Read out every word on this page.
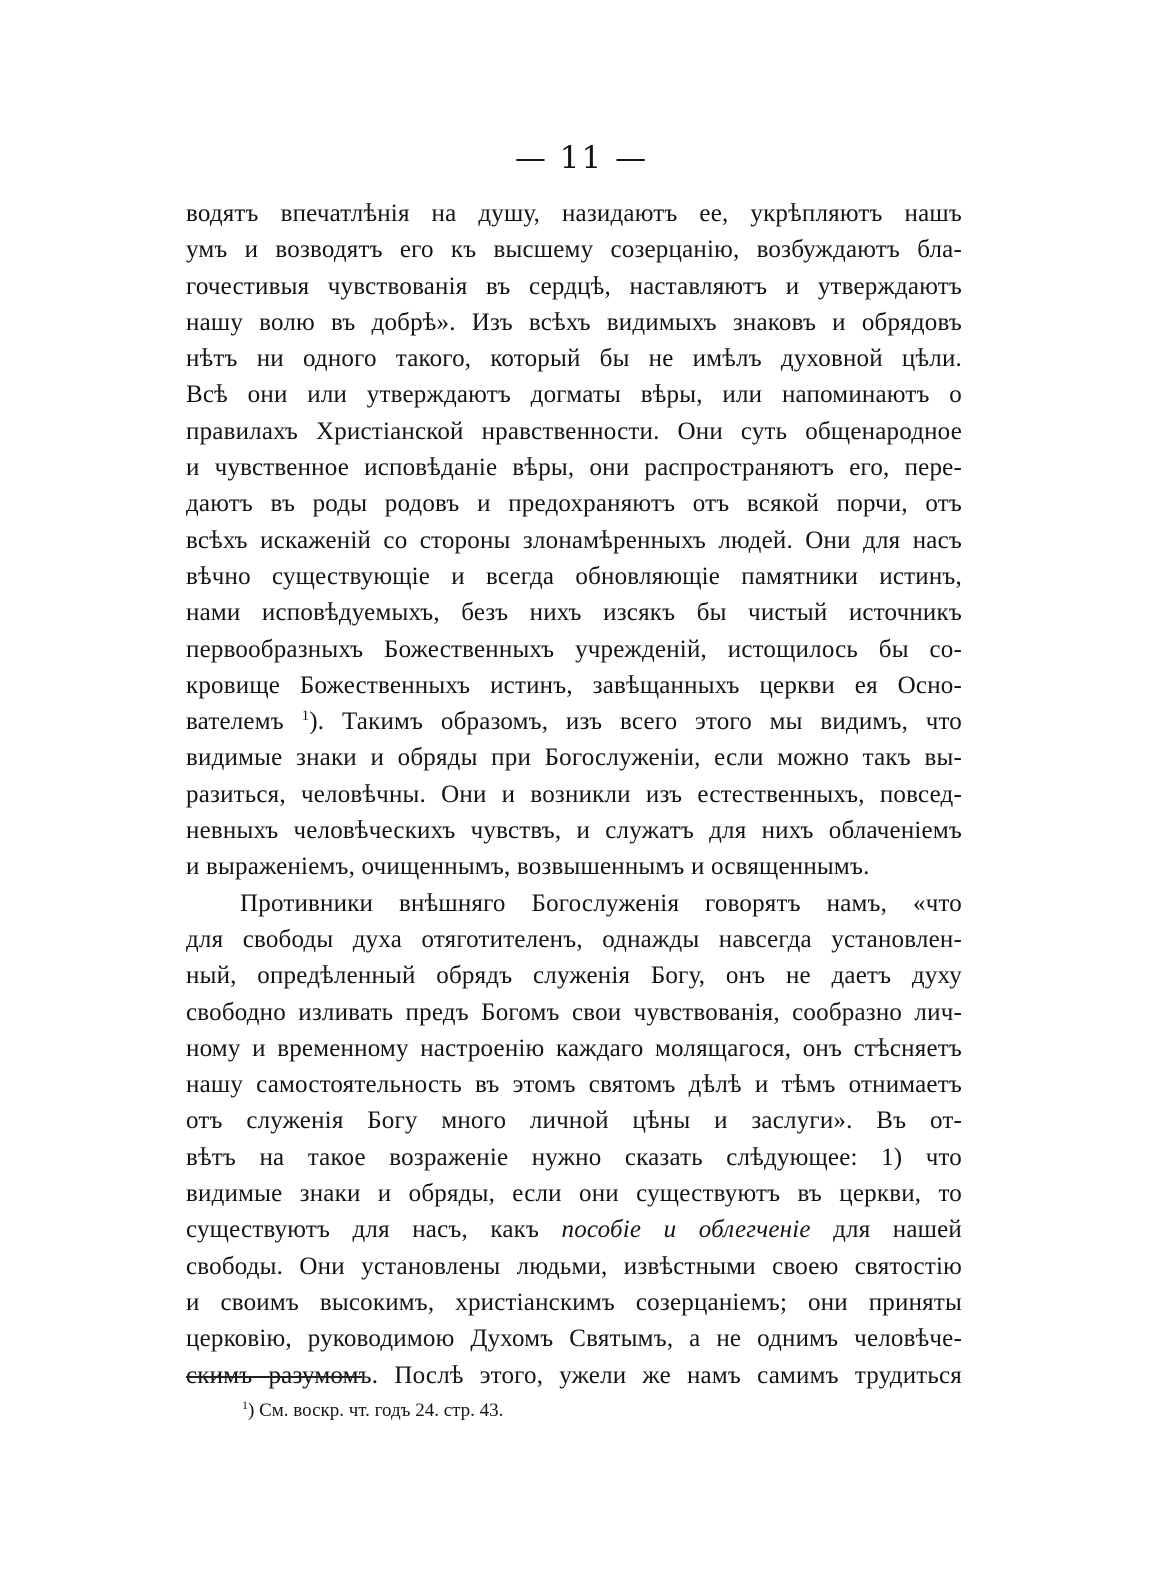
— 11 —
водятъ впечатлѣнія на душу, назидаютъ ее, укрѣпляютъ нашъ
умъ и возводятъ его къ высшему созерцанію, возбуждаютъ бла-
гочестивыя чувствованія въ сердцѣ, наставляютъ и утверждаютъ
нашу волю въ добрѣ». Изъ всѣхъ видимыхъ знаковъ и обрядовъ
нѣтъ ни одного такого, который бы не имѣлъ духовной цѣли.
Всѣ они или утверждаютъ догматы вѣры, или напоминаютъ о
правилахъ Христіанской нравственности. Они суть общенародное
и чувственное исповѣданіе вѣры, они распространяютъ его, пере-
даютъ въ роды родовъ и предохраняютъ отъ всякой порчи, отъ
всѣхъ искаженій со стороны злонамѣренныхъ людей. Они для насъ
вѣчно существующіе и всегда обновляющіе памятники истинъ,
нами исповѣдуемыхъ, безъ нихъ изсякъ бы чистый источникъ
первообразныхъ Божественныхъ учрежденій, истощилось бы со-
кровище Божественныхъ истинъ, завѣщанныхъ церкви ея Осно-
вателемъ $^1$). Такимъ образомъ, изъ всего этого мы видимъ, что
видимые знаки и обряды при Богослуженіи, если можно такъ вы-
разиться, человѣчны. Они и возникли изъ естественныхъ, повсед-
невныхъ человѣческихъ чувствъ, и служатъ для нихъ облаченіемъ
и выраженіемъ, очищеннымъ, возвышеннымъ и освященнымъ.
Противники внѣшняго Богослуженія говорятъ намъ, «что
для свободы духа отяготителенъ, однажды навсегда установлен-
ный, опредѣленный обрядъ служенія Богу, онъ не даетъ духу
свободно изливать предъ Богомъ свои чувствованія, сообразно лич-
ному и временному настроенію каждаго молящагося, онъ стѣсняетъ
нашу самостоятельность въ этомъ святомъ дѣлѣ и тѣмъ отнимаетъ
отъ служенія Богу много личной цѣны и заслуги». Въ от-
вѣтъ на такое возраженіе нужно сказать слѣдующее: 1) что
видимые знаки и обряды, если они существуютъ въ церкви, то
существуютъ для насъ, какъ пособіе и облегченіе для нашей
свободы. Они установлены людьми, извѣстными своею святостію
и своимъ высокимъ, христіанскимъ созерцаніемъ; они приняты
церковію, руководимою Духомъ Святымъ, а не однимъ человѣче-
скимъ разумомъ. Послѣ этого, ужели же намъ самимъ трудиться
$^1$) См. воскр. чт. годъ 24. стр. 43.
